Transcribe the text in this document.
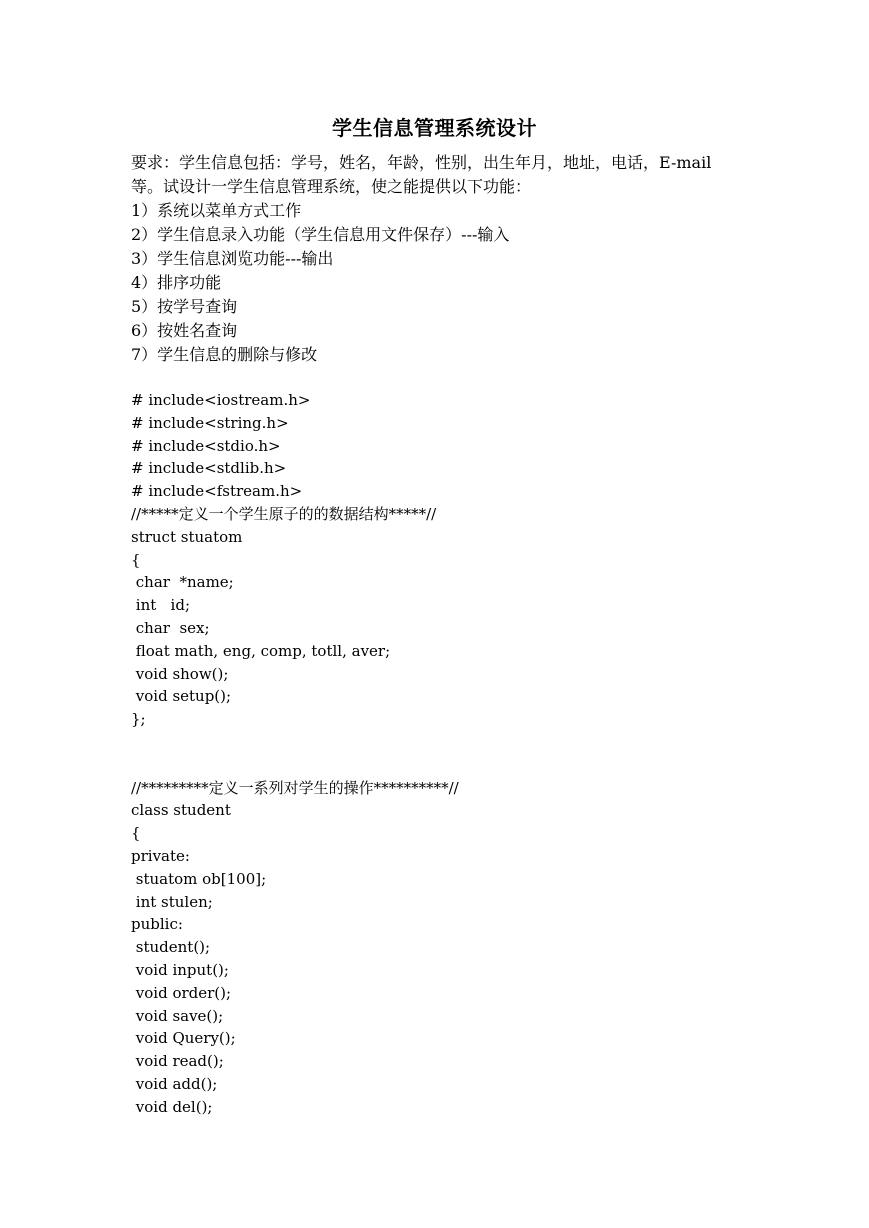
学生信息管理系统设计
要求：学生信息包括：学号，姓名，年龄，性别，出生年月，地址，电话，E-mail
等。试设计一学生信息管理系统，使之能提供以下功能：
1）系统以菜单方式工作
2）学生信息录入功能（学生信息用文件保存）---输入
3）学生信息浏览功能---输出
4）排序功能
5）按学号查询
6）按姓名查询
7）学生信息的删除与修改
# include<iostream.h>
# include<string.h>
# include<stdio.h>
# include<stdlib.h>
# include<fstream.h>
//*****定义一个学生原子的的数据结构*****//
struct stuatom
{
char  *name;
int   id;
char  sex;
float math, eng, comp, totll, aver;
void show();
void setup();
};
//*********定义一系列对学生的操作**********//
class student
{
private:
stuatom ob[100];
int stulen;
public:
student();
void input();
void order();
void save();
void Query();
void read();
void add();
void del();
